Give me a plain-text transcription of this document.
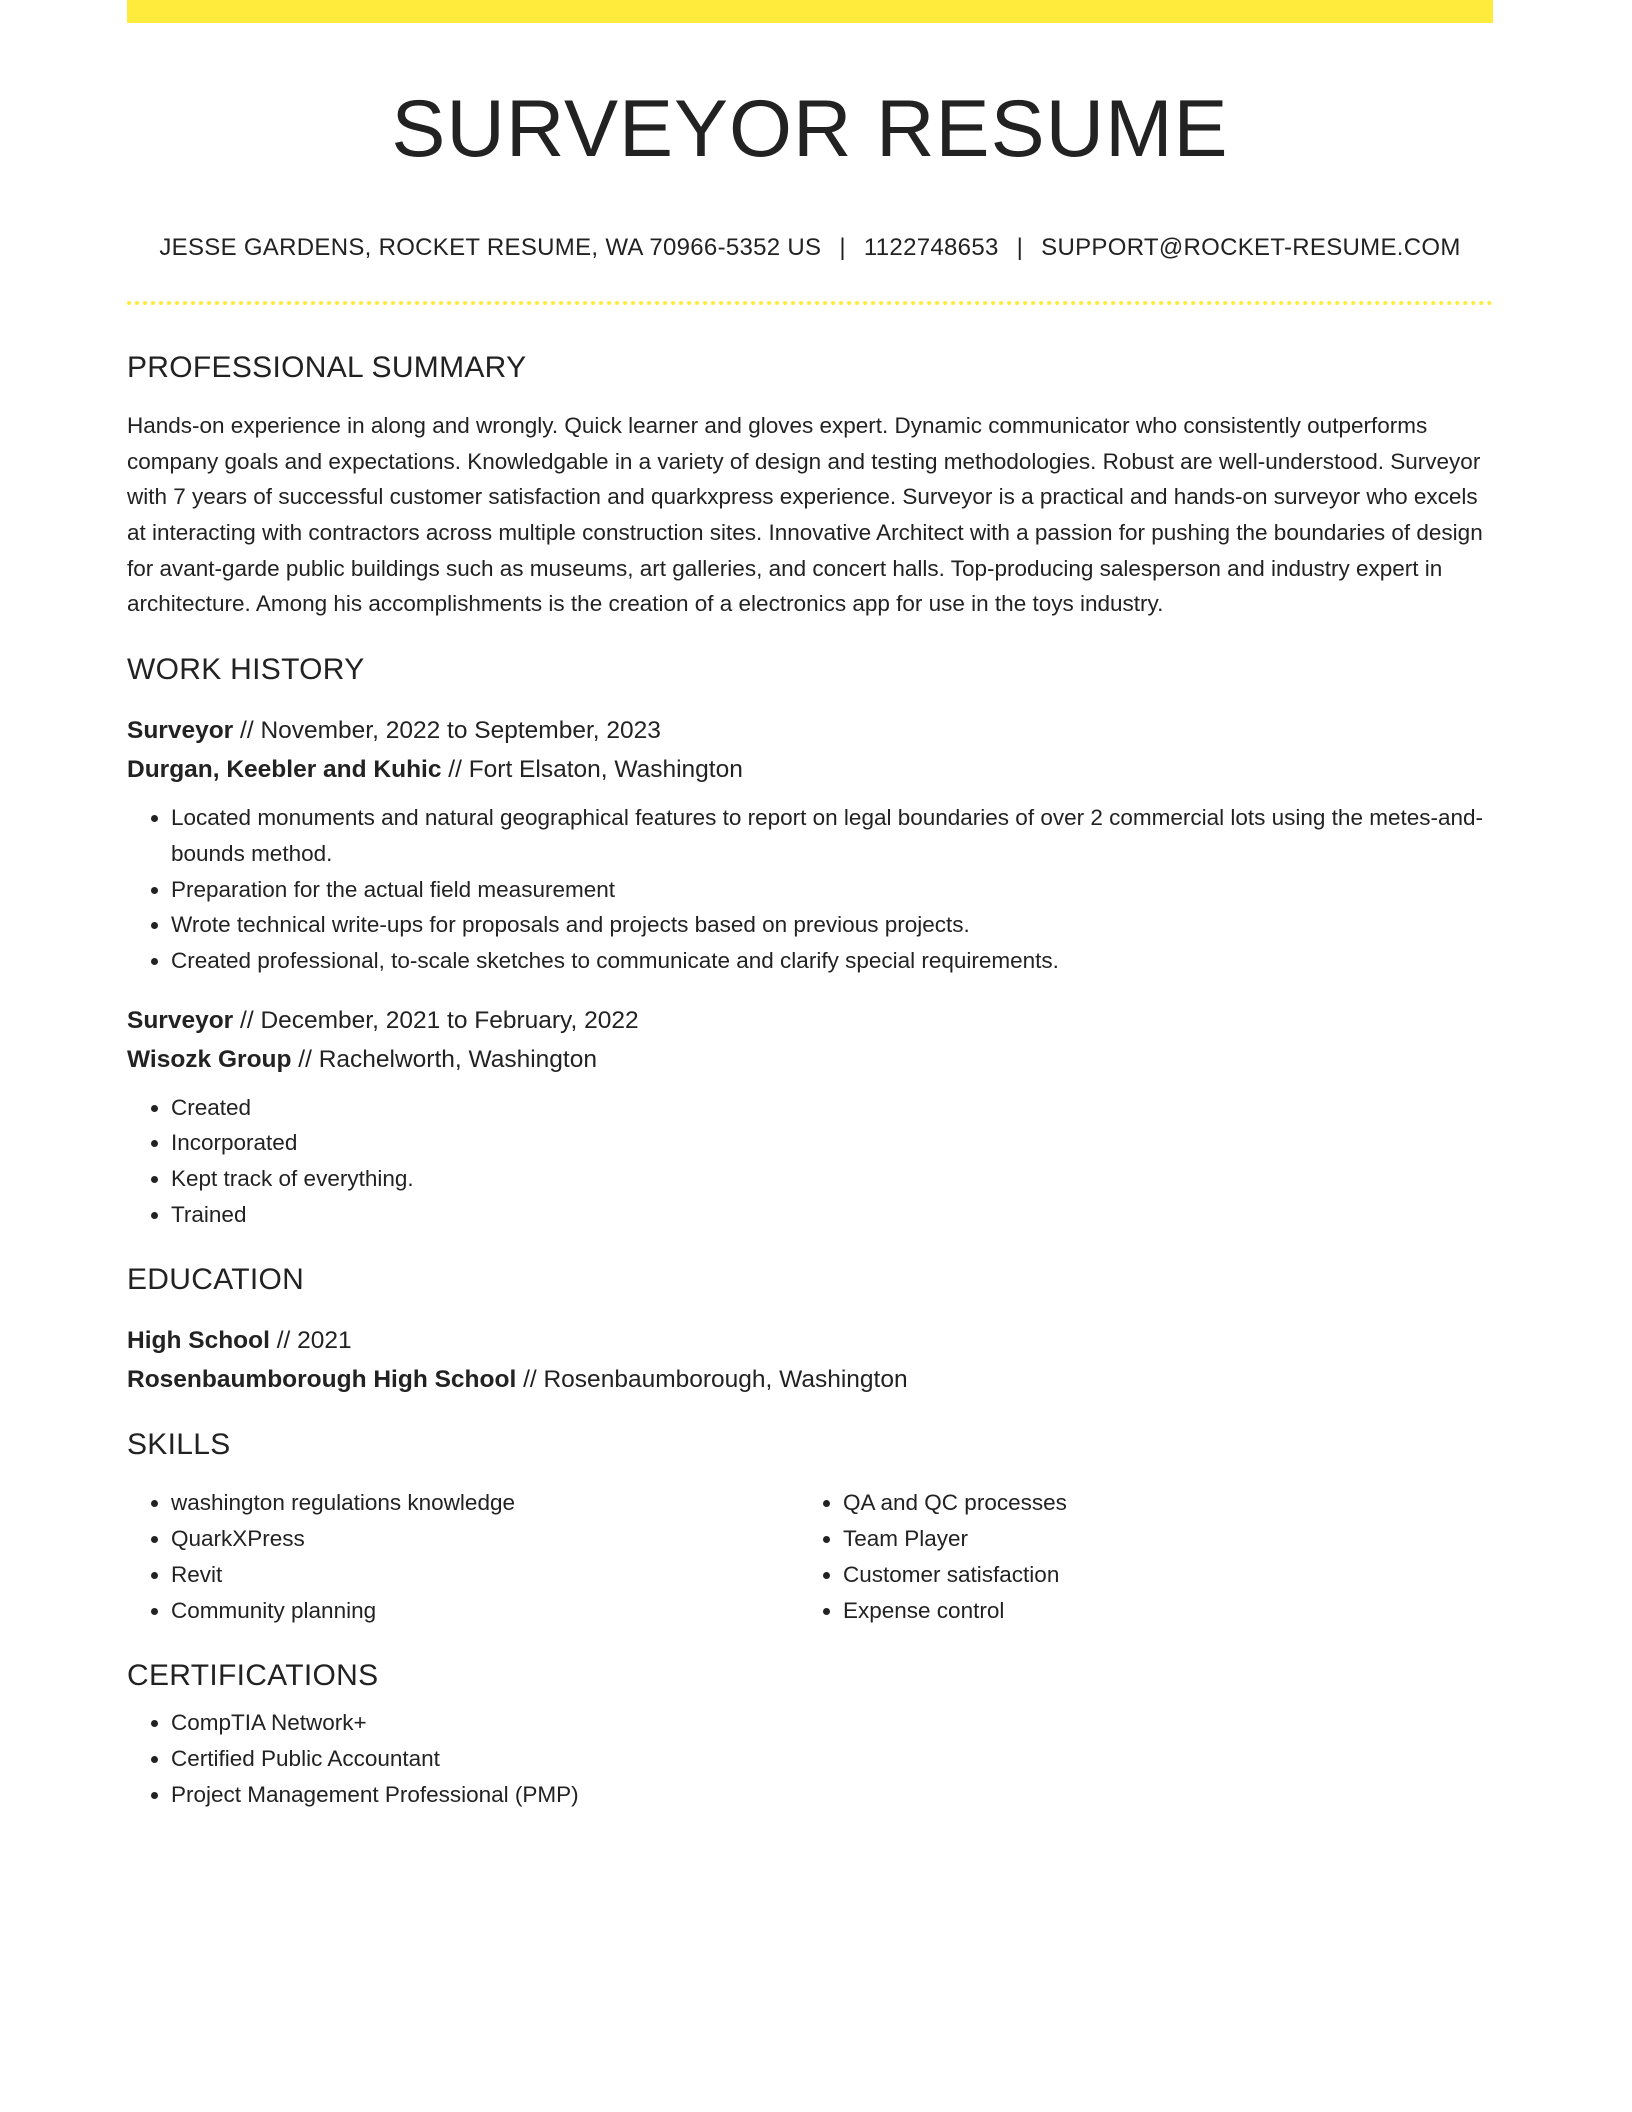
SURVEYOR RESUME
JESSE GARDENS, ROCKET RESUME, WA 70966-5352 US | 1122748653 | SUPPORT@ROCKET-RESUME.COM
PROFESSIONAL SUMMARY
Hands-on experience in along and wrongly. Quick learner and gloves expert. Dynamic communicator who consistently outperforms company goals and expectations. Knowledgable in a variety of design and testing methodologies. Robust are well-understood. Surveyor with 7 years of successful customer satisfaction and quarkxpress experience. Surveyor is a practical and hands-on surveyor who excels at interacting with contractors across multiple construction sites. Innovative Architect with a passion for pushing the boundaries of design for avant-garde public buildings such as museums, art galleries, and concert halls. Top-producing salesperson and industry expert in architecture. Among his accomplishments is the creation of a electronics app for use in the toys industry.
WORK HISTORY
Surveyor // November, 2022 to September, 2023
Durgan, Keebler and Kuhic // Fort Elsaton, Washington
• Located monuments and natural geographical features to report on legal boundaries of over 2 commercial lots using the metes-and-bounds method.
• Preparation for the actual field measurement
• Wrote technical write-ups for proposals and projects based on previous projects.
• Created professional, to-scale sketches to communicate and clarify special requirements.
Surveyor // December, 2021 to February, 2022
Wisozk Group // Rachelworth, Washington
• Created
• Incorporated
• Kept track of everything.
• Trained
EDUCATION
High School // 2021
Rosenbaumborough High School // Rosenbaumborough, Washington
SKILLS
• washington regulations knowledge
• QuarkXPress
• Revit
• Community planning
• QA and QC processes
• Team Player
• Customer satisfaction
• Expense control
CERTIFICATIONS
• CompTIA Network+
• Certified Public Accountant
• Project Management Professional (PMP)
